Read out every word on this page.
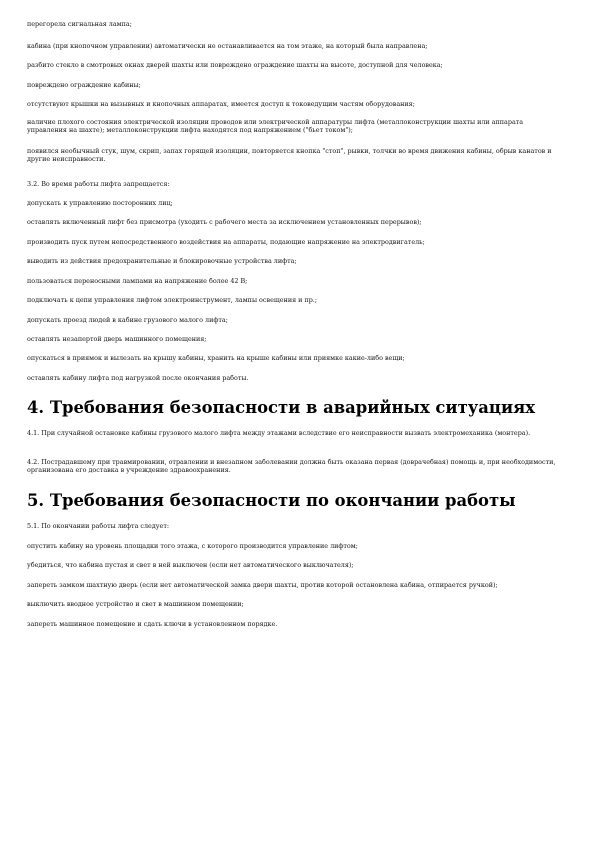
перегорела сигнальная лампа;

кабина (при кнопочном управлении) автоматически не останавливается на том этаже, на который была направлена;

разбито стекло в смотровых окнах дверей шахты или повреждено ограждение шахты на высоте, доступной для человека;

повреждено ограждение кабины;

отсутствуют крышки на вызывных и кнопочных аппаратах, имеется доступ к токоведущим частям оборудования;

наличие плохого состояния электрической изоляции проводов или электрической аппаратуры лифта (металлоконструкции шахты или аппарата управления на шахте); металлоконструкции лифта находятся под напряжением ("бьет током");

появился необычный стук, шум, скрип, запах горящей изоляции, повторяется кнопка "стоп", рывки, толчки во время движения кабины, обрыв канатов и другие неисправности.

3.2. Во время работы лифта запрещается:

допускать к управлению посторонних лиц;

оставлять включенный лифт без присмотра (уходить с рабочего места за исключением установленных перерывов);

производить пуск путем непосредственного воздействия на аппараты, подающие напряжение на электродвигатель;

выводить из действия предохранительные и блокировочные устройства лифта;

пользоваться переносными лампами на напряжение более 42 В;

подключать к цепи управления лифтом электроинструмент, лампы освещения и пр.;

допускать проезд людей в кабине грузового малого лифта;

оставлять незапертой дверь машинного помещения;

опускаться в приямок и вылезать на крышу кабины, хранить на крыше кабины или приямке какие-либо вещи;

оставлять кабину лифта под нагрузкой после окончания работы.

4. Требования безопасности в аварийных ситуациях

4.1. При случайной остановке кабины грузового малого лифта между этажами вследствие его неисправности вызвать электромеханика (монтера).

4.2. Пострадавшему при травмировании, отравлении и внезапном заболевании должна быть оказана первая (доврачебная) помощь и, при необходимости, организована его доставка в учреждение здравоохранения.

5. Требования безопасности по окончании работы

5.1. По окончании работы лифта следует:

опустить кабину на уровень площадки того этажа, с которого производится управление лифтом;

убедиться, что кабина пустая и свет в ней выключен (если нет автоматического выключателя);

запереть замком шахтную дверь (если нет автоматической замка двери шахты, против которой остановлена кабина, отпирается ручкой);

выключить вводное устройство и свет в машинном помещении;

запереть машинное помещение и сдать ключи в установленном порядке.
